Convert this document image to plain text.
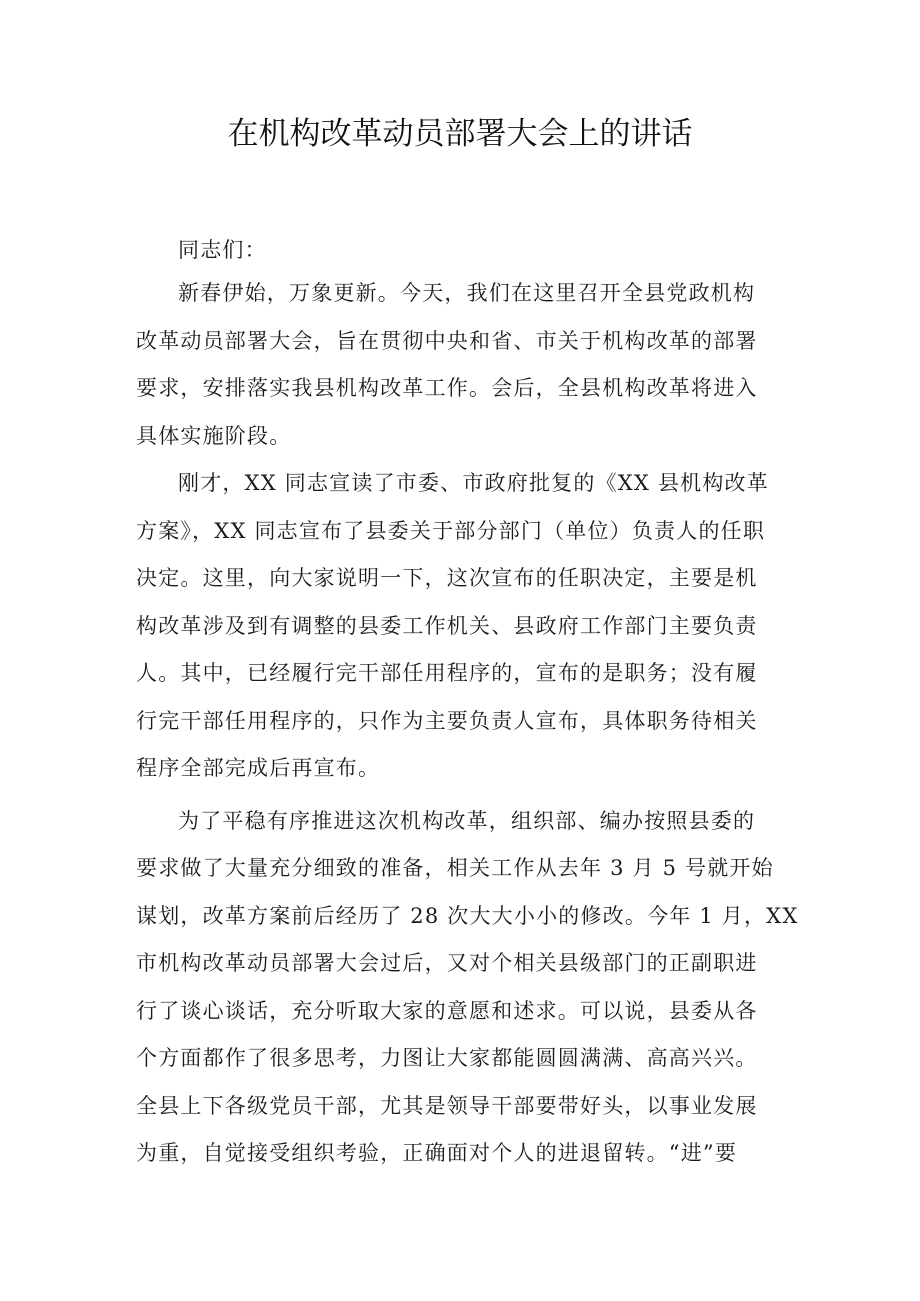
在机构改革动员部署大会上的讲话
同志们：
新春伊始，万象更新。今天，我们在这里召开全县党政机构
改革动员部署大会，旨在贯彻中央和省、市关于机构改革的部署
要求，安排落实我县机构改革工作。会后，全县机构改革将进入
具体实施阶段。
刚才，XX 同志宣读了市委、市政府批复的《XX 县机构改革
方案》，XX 同志宣布了县委关于部分部门（单位）负责人的任职
决定。这里，向大家说明一下，这次宣布的任职决定，主要是机
构改革涉及到有调整的县委工作机关、县政府工作部门主要负责
人。其中，已经履行完干部任用程序的，宣布的是职务；没有履
行完干部任用程序的，只作为主要负责人宣布，具体职务待相关
程序全部完成后再宣布。
为了平稳有序推进这次机构改革，组织部、编办按照县委的
要求做了大量充分细致的准备，相关工作从去年 3 月 5 号就开始
谋划，改革方案前后经历了 28 次大大小小的修改。今年 1 月，XX
市机构改革动员部署大会过后，又对个相关县级部门的正副职进
行了谈心谈话，充分听取大家的意愿和述求。可以说，县委从各
个方面都作了很多思考，力图让大家都能圆圆满满、高高兴兴。
全县上下各级党员干部，尤其是领导干部要带好头，以事业发展
为重，自觉接受组织考验，正确面对个人的进退留转。“进”要
